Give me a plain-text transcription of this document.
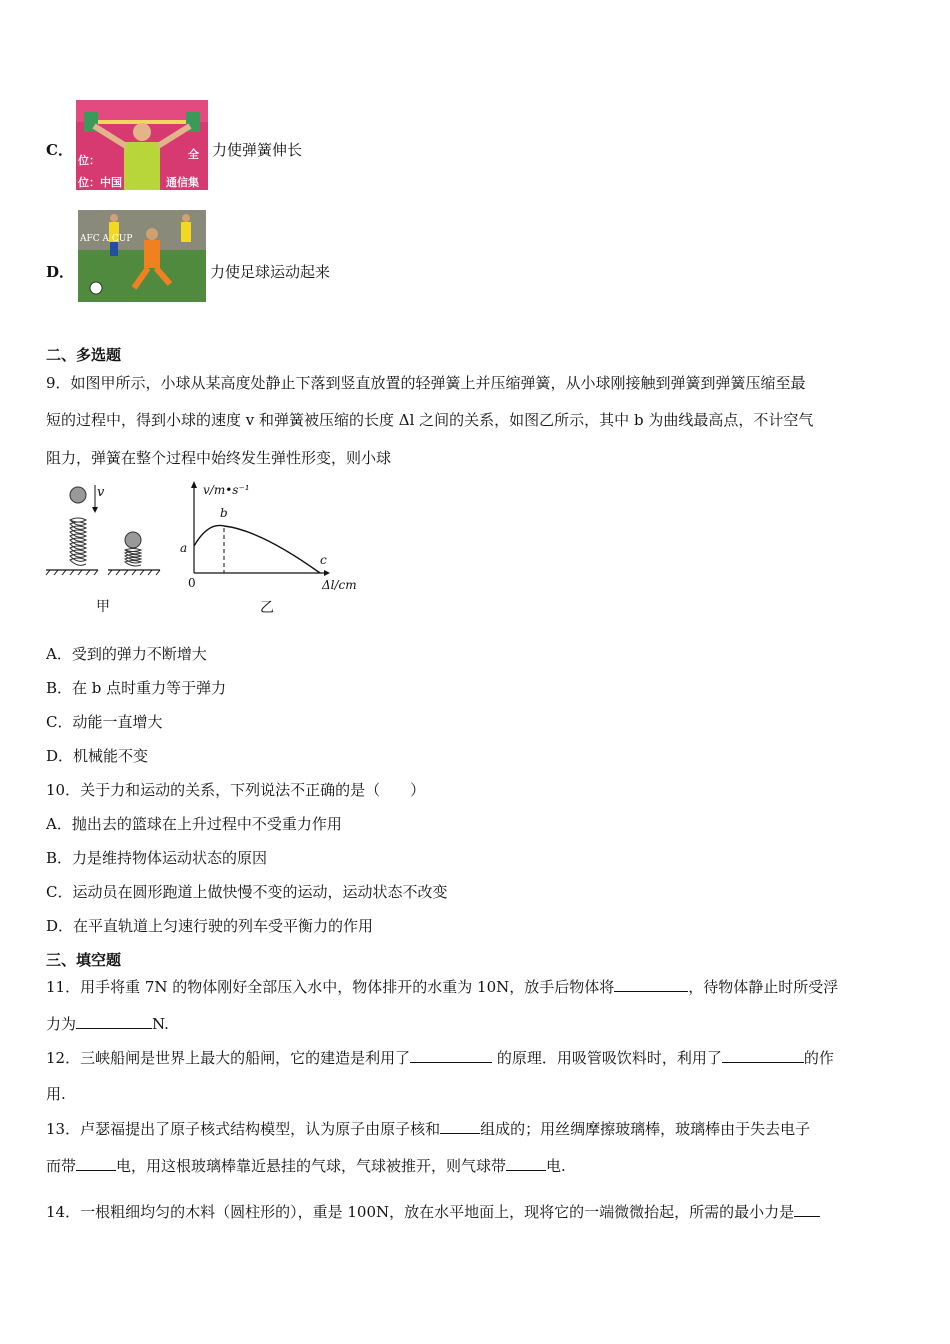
C．
位：	全
位：中国	通信集
力使弹簧伸长
D．
AFC A CUP
力使足球运动起来
二、多选题
9．如图甲所示，小球从某高度处静止下落到竖直放置的轻弹簧上并压缩弹簧，从小球刚接触到弹簧到弹簧压缩至最
短的过程中，得到小球的速度 v 和弹簧被压缩的长度 Δl 之间的关系，如图乙所示，其中 b 为曲线最高点，不计空气
阻力，弹簧在整个过程中始终发生弹性形变，则小球
v
甲
v/m•s⁻¹
Δl/cm
0
a
b
c
乙
A．受到的弹力不断增大
B．在 b 点时重力等于弹力
C．动能一直增大
D．机械能不变
10．关于力和运动的关系，下列说法不正确的是（　　）
A．抛出去的篮球在上升过程中不受重力作用
B．力是维持物体运动状态的原因
C．运动员在圆形跑道上做快慢不变的运动，运动状态不改变
D．在平直轨道上匀速行驶的列车受平衡力的作用
三、填空题
11．用手将重 7N 的物体刚好全部压入水中，物体排开的水重为 10N，放手后物体将	，待物体静止时所受浮
力为	N.
12．三峡船闸是世界上最大的船闸，它的建造是利用了	的原理．用吸管吸饮料时，利用了	的作
用.
13．卢瑟福提出了原子核式结构模型，认为原子由原子核和	组成的；用丝绸摩擦玻璃棒，玻璃棒由于失去电子
而带	电，用这根玻璃棒靠近悬挂的气球，气球被推开，则气球带	电.
14．一根粗细均匀的木料（圆柱形的），重是 100N，放在水平地面上，现将它的一端微微抬起，所需的最小力是
